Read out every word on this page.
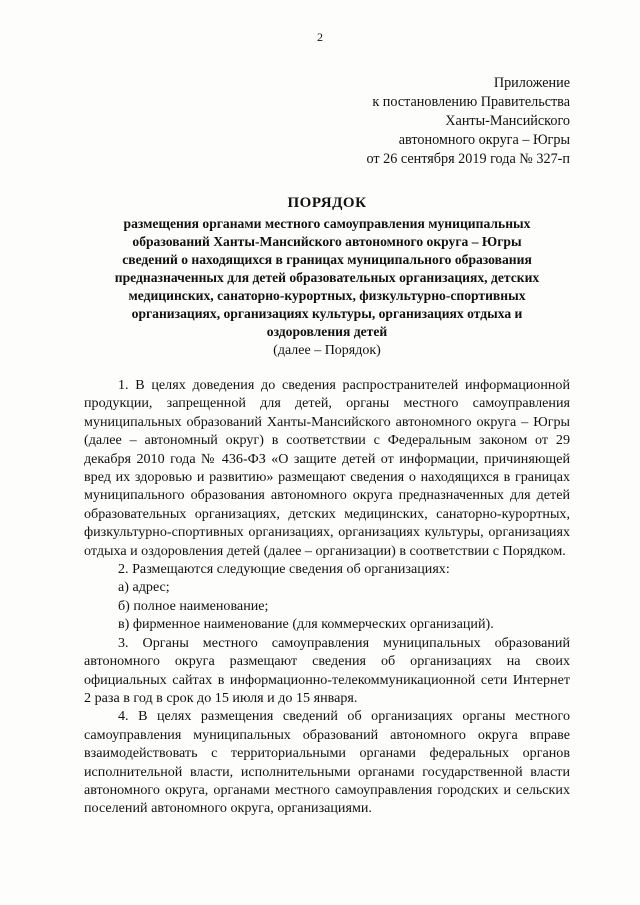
2
Приложение
к постановлению Правительства
Ханты-Мансийского
автономного округа – Югры
от 26 сентября 2019 года № 327-п
ПОРЯДОК
размещения органами местного самоуправления муниципальных
образований Ханты-Мансийского автономного округа – Югры
сведений о находящихся в границах муниципального образования
предназначенных для детей образовательных организациях, детских
медицинских, санаторно-курортных, физкультурно-спортивных
организациях, организациях культуры, организациях отдыха и
оздоровления детей
(далее – Порядок)

1. В целях доведения до сведения распространителей информационной продукции, запрещенной для детей, органы местного самоуправления муниципальных образований Ханты-Мансийского автономного округа – Югры (далее – автономный округ) в соответствии с Федеральным законом от 29 декабря 2010 года № 436-ФЗ «О защите детей от информации, причиняющей вред их здоровью и развитию» размещают сведения о находящихся в границах муниципального образования автономного округа предназначенных для детей образовательных организациях, детских медицинских, санаторно-курортных, физкультурно-спортивных организациях, организациях культуры, организациях отдыха и оздоровления детей (далее – организации) в соответствии с Порядком.

2. Размещаются следующие сведения об организациях:

а) адрес;

б) полное наименование;

в) фирменное наименование (для коммерческих организаций).

3. Органы местного самоуправления муниципальных образований автономного округа размещают сведения об организациях на своих официальных сайтах в информационно-телекоммуникационной сети Интернет 2 раза в год в срок до 15 июля и до 15 января.

4. В целях размещения сведений об организациях органы местного самоуправления муниципальных образований автономного округа вправе взаимодействовать с территориальными органами федеральных органов исполнительной власти, исполнительными органами государственной власти автономного округа, органами местного самоуправления городских и сельских поселений автономного округа, организациями.
